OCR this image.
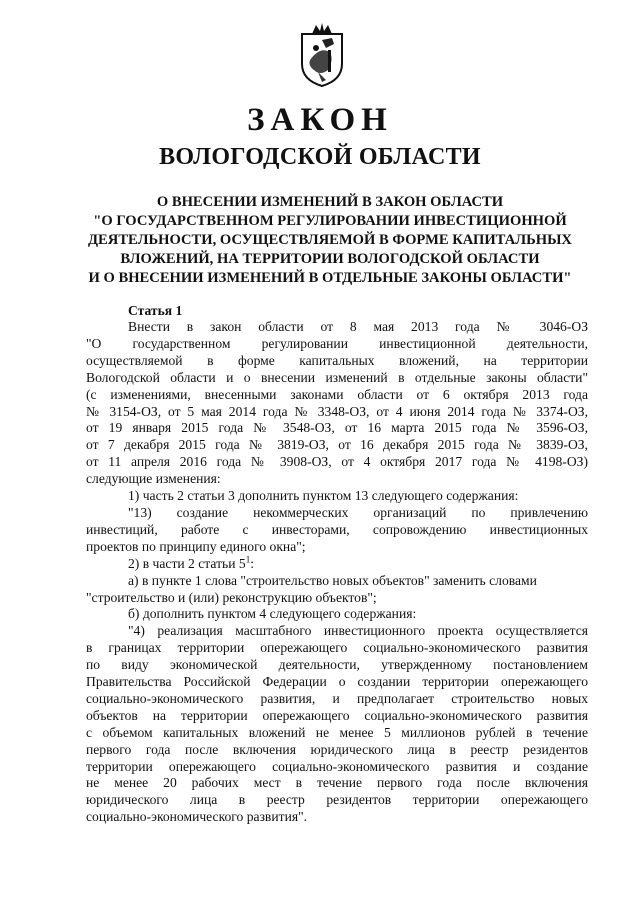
ЗАКОН
ВОЛОГОДСКОЙ ОБЛАСТИ
О ВНЕСЕНИИ ИЗМЕНЕНИЙ В ЗАКОН ОБЛАСТИ
"О ГОСУДАРСТВЕННОМ РЕГУЛИРОВАНИИ ИНВЕСТИЦИОННОЙ
ДЕЯТЕЛЬНОСТИ, ОСУЩЕСТВЛЯЕМОЙ В ФОРМЕ КАПИТАЛЬНЫХ
ВЛОЖЕНИЙ, НА ТЕРРИТОРИИ ВОЛОГОДСКОЙ ОБЛАСТИ
И О ВНЕСЕНИИ ИЗМЕНЕНИЙ В ОТДЕЛЬНЫЕ ЗАКОНЫ ОБЛАСТИ"
Статья 1
Внести в закон области от 8 мая 2013 года № 3046-ОЗ
"О государственном регулировании инвестиционной деятельности,
осуществляемой в форме капитальных вложений, на территории
Вологодской области и о внесении изменений в отдельные законы области"
(с изменениями, внесенными законами области от 6 октября 2013 года
№ 3154-ОЗ, от 5 мая 2014 года № 3348-ОЗ, от 4 июня 2014 года № 3374-ОЗ,
от 19 января 2015 года № 3548-ОЗ, от 16 марта 2015 года № 3596-ОЗ,
от 7 декабря 2015 года № 3819-ОЗ, от 16 декабря 2015 года № 3839-ОЗ,
от 11 апреля 2016 года № 3908-ОЗ, от 4 октября 2017 года № 4198-ОЗ)
следующие изменения:
1) часть 2 статьи 3 дополнить пунктом 13 следующего содержания:
"13) создание некоммерческих организаций по привлечению
инвестиций, работе с инвесторами, сопровождению инвестиционных
проектов по принципу единого окна";
2) в части 2 статьи $5^1$:
а) в пункте 1 слова "строительство новых объектов" заменить словами
"строительство и (или) реконструкцию объектов";
б) дополнить пунктом 4 следующего содержания:
"4) реализация масштабного инвестиционного проекта осуществляется
в границах территории опережающего социально-экономического развития
по виду экономической деятельности, утвержденному постановлением
Правительства Российской Федерации о создании территории опережающего
социально-экономического развития, и предполагает строительство новых
объектов на территории опережающего социально-экономического развития
с объемом капитальных вложений не менее 5 миллионов рублей в течение
первого года после включения юридического лица в реестр резидентов
территории опережающего социально-экономического развития и создание
не менее 20 рабочих мест в течение первого года после включения
юридического лица в реестр резидентов территории опережающего
социально-экономического развития".
